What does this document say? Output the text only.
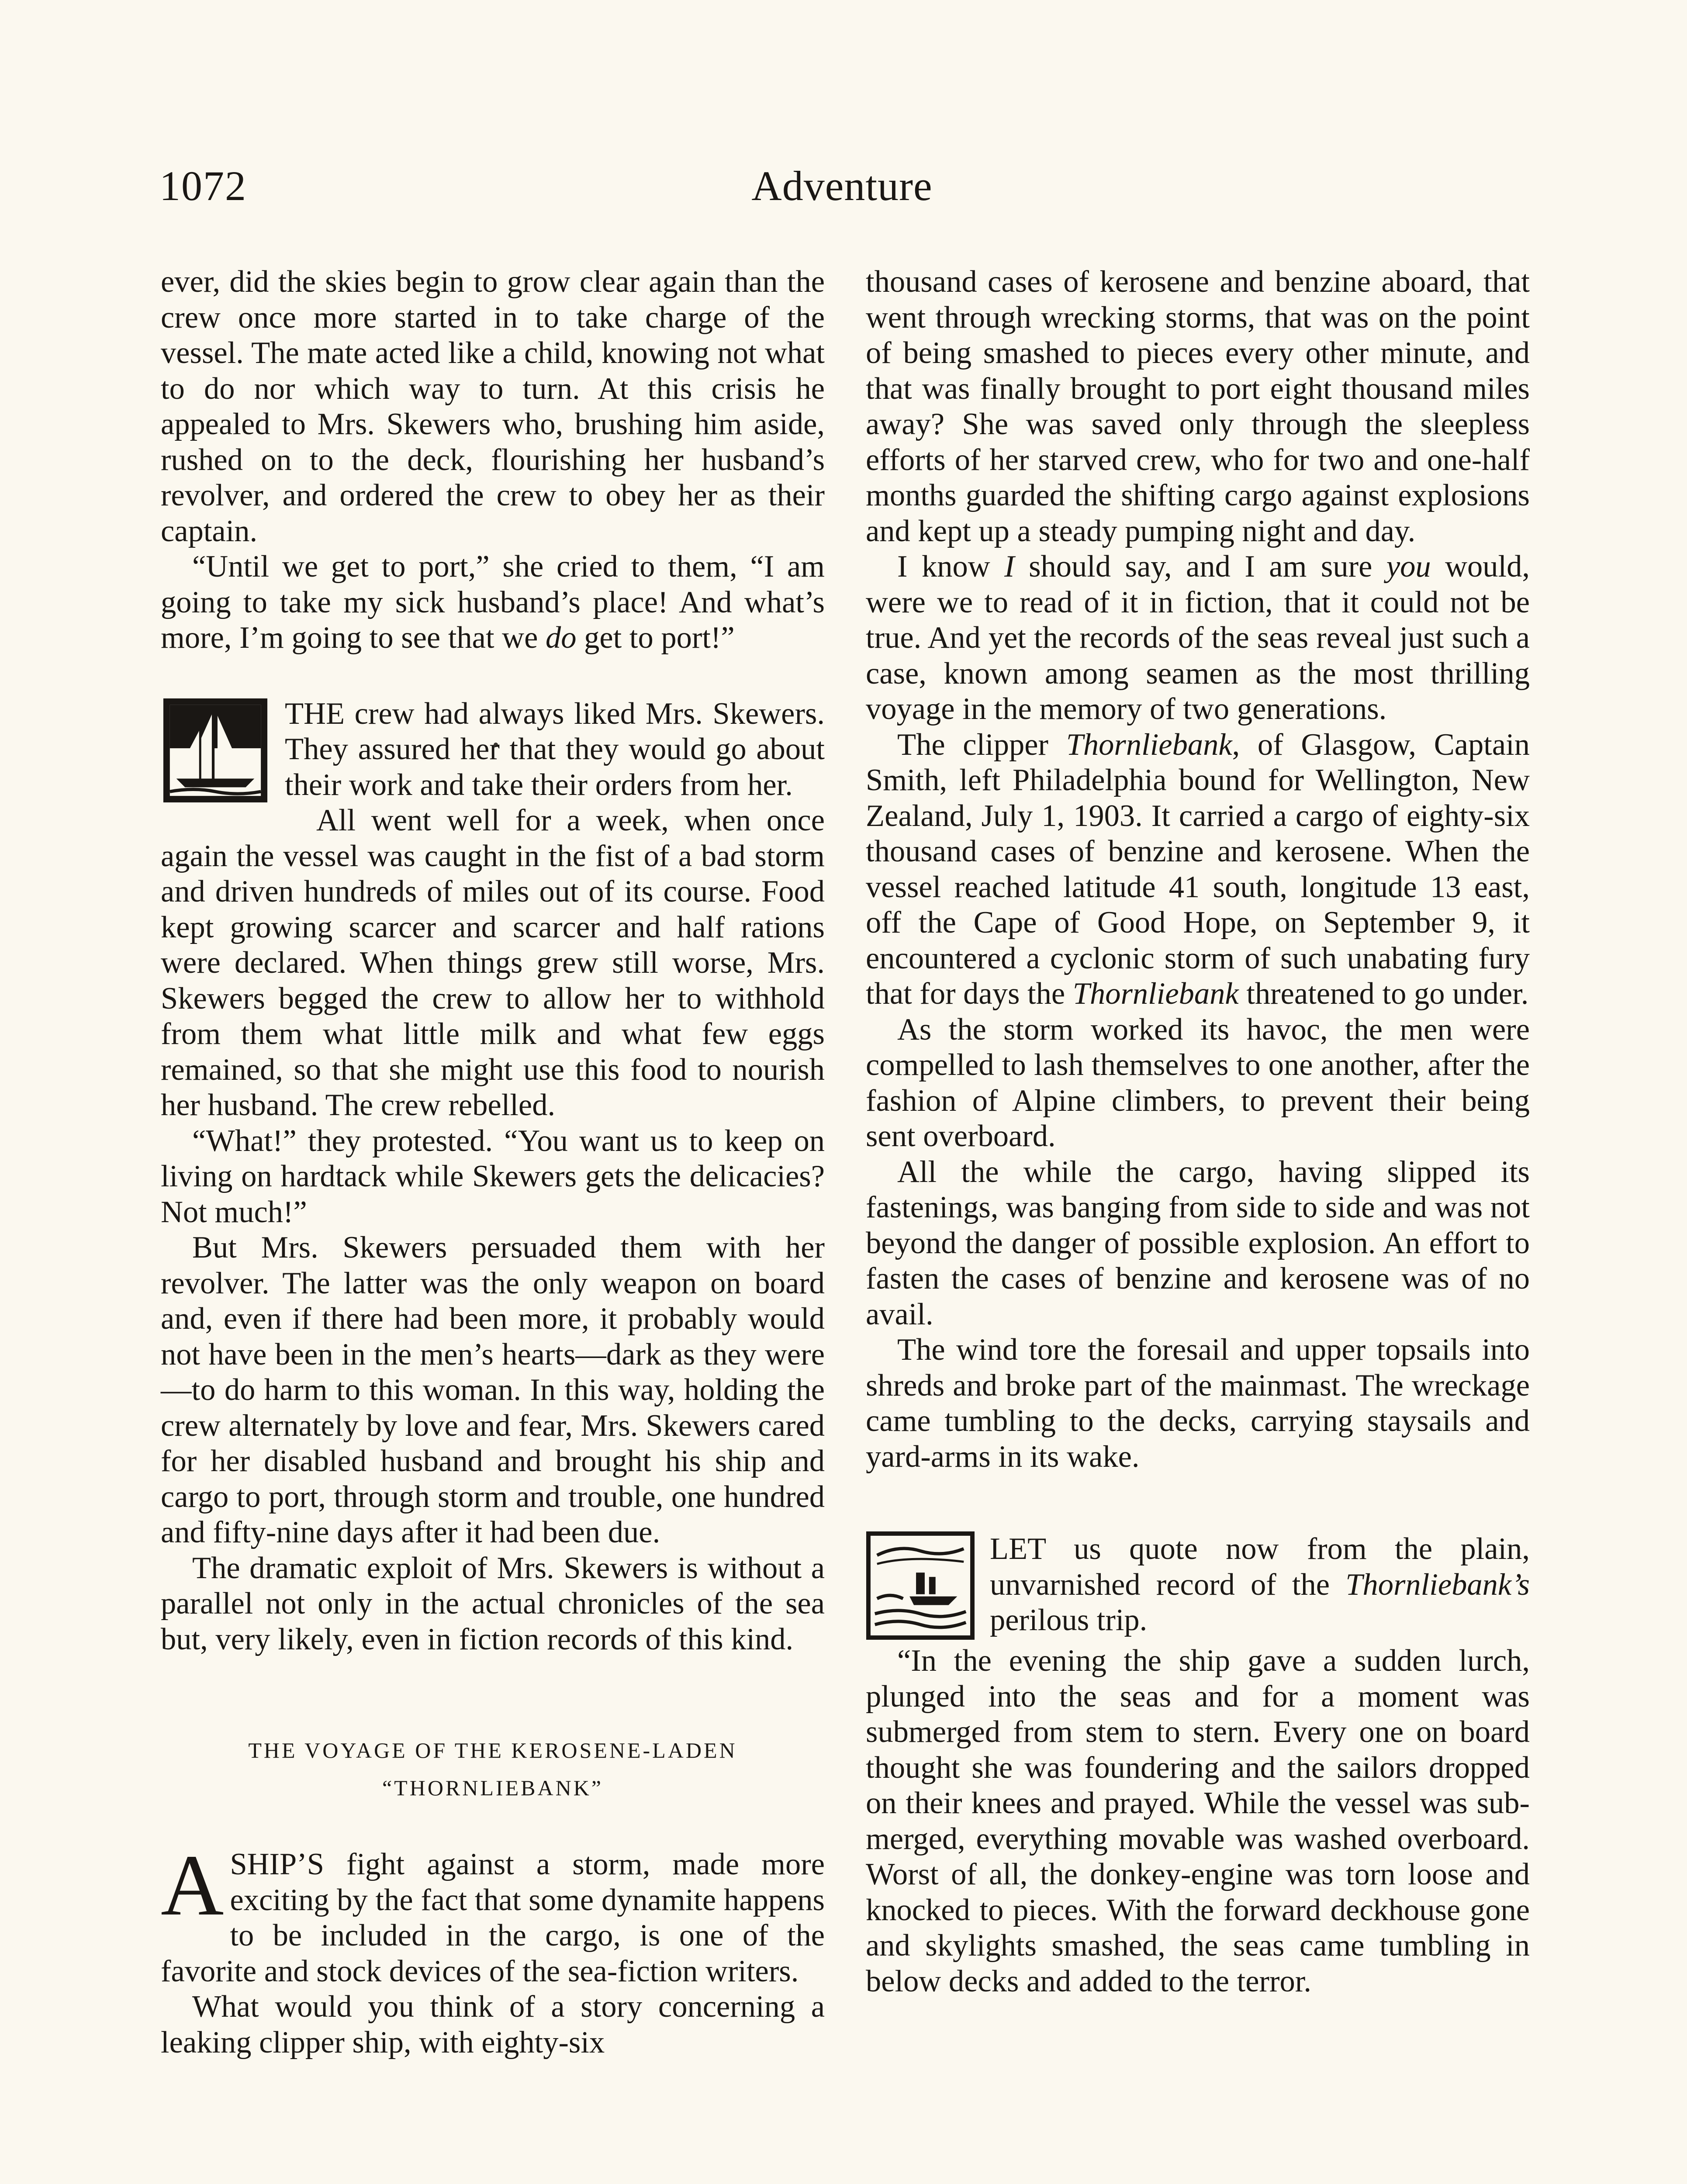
1072	Adventure

ever, did the skies begin to grow clear again than the crew once more started in to take charge of the vessel. The mate acted like a child, knowing not what to do nor which way to turn. At this crisis he appealed to Mrs. Skewers who, brushing him aside, rushed on to the deck, flourishing her husband’s revolver, and ordered the crew to obey her as their captain.

“Until we get to port,” she cried to them, “I am going to take my sick husband’s place! And what’s more, I’m going to see that we do get to port!”

THE crew had always liked Mrs. Skewers. They assured her that they would go about their work and take their orders from her.

All went well for a week, when once again the vessel was caught in the fist of a bad storm and driven hundreds of miles out of its course. Food kept growing scarcer and scarcer and half rations were declared. When things grew still worse, Mrs. Skewers begged the crew to allow her to withhold from them what little milk and what few eggs remained, so that she might use this food to nourish her husband. The crew rebelled.

“What!” they protested. “You want us to keep on living on hardtack while Skewers gets the delicacies? Not much!”

But Mrs. Skewers persuaded them with her revolver. The latter was the only weapon on board and, even if there had been more, it probably would not have been in the men’s hearts—dark as they were—to do harm to this woman. In this way, holding the crew alternately by love and fear, Mrs. Skewers cared for her disabled husband and brought his ship and cargo to port, through storm and trouble, one hundred and fifty-nine days after it had been due.

The dramatic exploit of Mrs. Skewers is without a parallel not only in the actual chronicles of the sea but, very likely, even in fiction records of this kind.

THE VOYAGE OF THE KEROSENE-LADEN
“THORNLIEBANK”

ASHIP’S fight against a storm, made more exciting by the fact that some dynamite happens to be included in the cargo, is one of the favorite and stock devices of the sea-fiction writers.

What would you think of a story concerning a leaking clipper ship, with eighty-six

thousand cases of kerosene and benzine aboard, that went through wrecking storms, that was on the point of being smashed to pieces every other minute, and that was finally brought to port eight thousand miles away? She was saved only through the sleepless efforts of her starved crew, who for two and one-half months guarded the shifting cargo against explosions and kept up a steady pumping night and day.

I know I should say, and I am sure you would, were we to read of it in fiction, that it could not be true. And yet the records of the seas reveal just such a case, known among seamen as the most thrilling voyage in the memory of two generations.

The clipper Thornliebank, of Glasgow, Captain Smith, left Philadelphia bound for Wellington, New Zealand, July 1, 1903. It carried a cargo of eighty-six thousand cases of benzine and kerosene. When the vessel reached latitude 41 south, longitude 13 east, off the Cape of Good Hope, on September 9, it encountered a cyclonic storm of such unabating fury that for days the Thornliebank threatened to go under.

As the storm worked its havoc, the men were compelled to lash themselves to one another, after the fashion of Alpine climbers, to prevent their being sent overboard.

All the while the cargo, having slipped its fastenings, was banging from side to side and was not beyond the danger of possible explosion. An effort to fasten the cases of benzine and kerosene was of no avail.

The wind tore the foresail and upper topsails into shreds and broke part of the mainmast. The wreckage came tumbling to the decks, carrying staysails and yard-arms in its wake.

LET us quote now from the plain, unvarnished record of the Thornliebank’s perilous trip.

“In the evening the ship gave a sudden lurch, plunged into the seas and for a moment was submerged from stem to stern. Every one on board thought she was foundering and the sailors dropped on their knees and prayed. While the vessel was submerged, everything movable was washed overboard. Worst of all, the donkey-engine was torn loose and knocked to pieces. With the forward deckhouse gone and skylights smashed, the seas came tumbling in below decks and added to the terror.
